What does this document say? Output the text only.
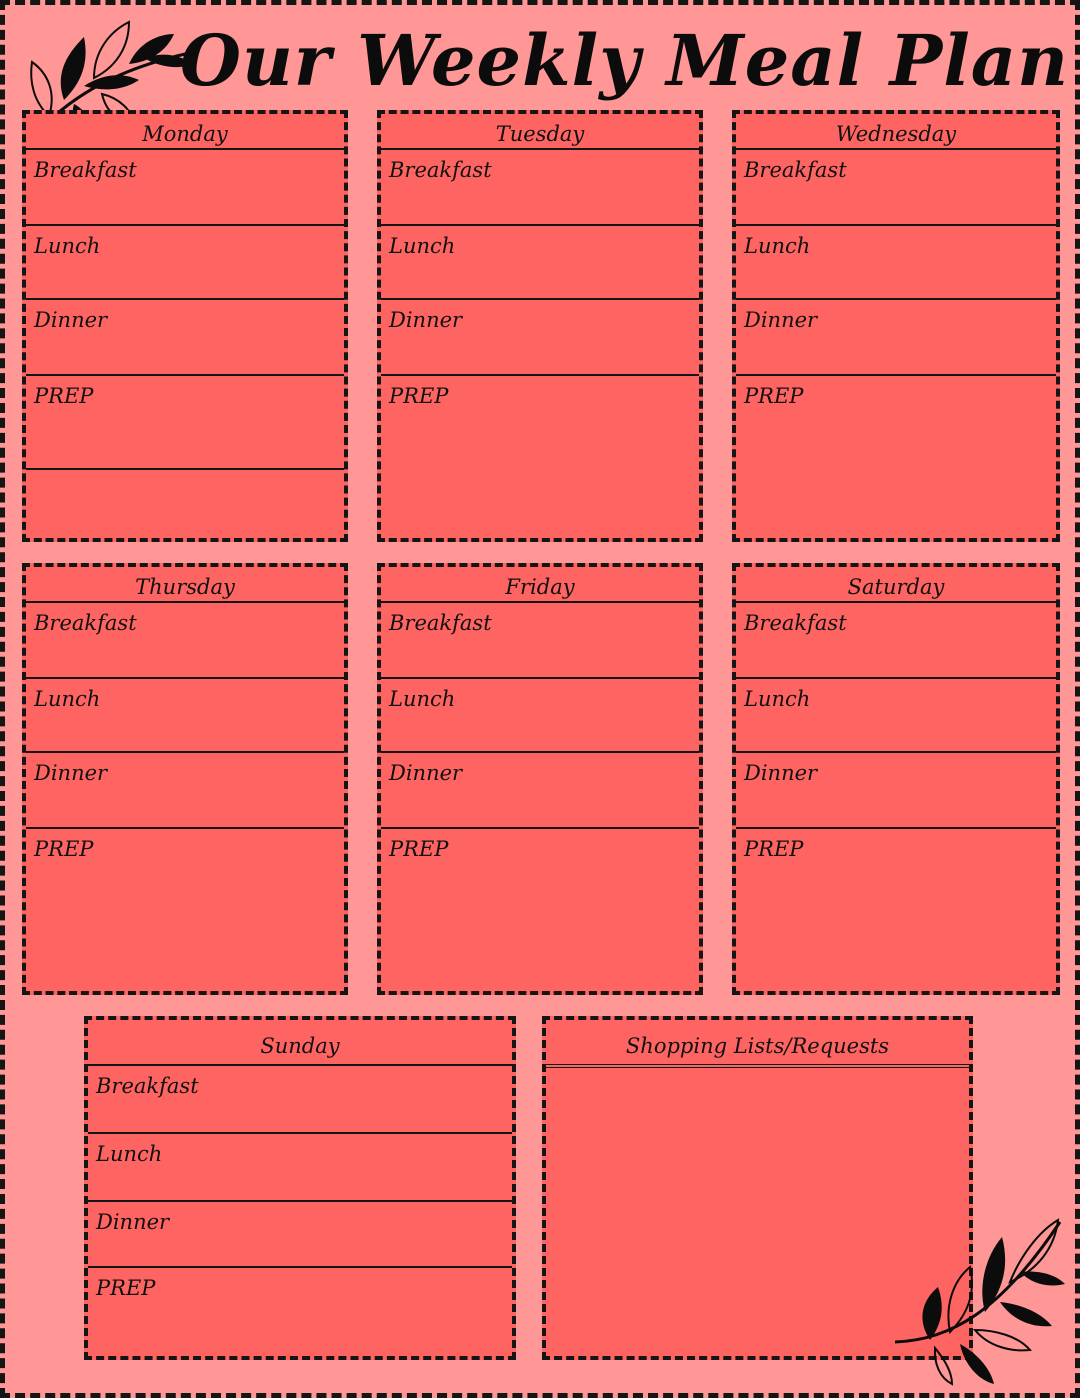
Our Weekly Meal Plan
Monday
Breakfast
Lunch
Dinner
PREP
Tuesday
Breakfast
Lunch
Dinner
PREP
Wednesday
Breakfast
Lunch
Dinner
PREP
Thursday
Breakfast
Lunch
Dinner
PREP
Friday
Breakfast
Lunch
Dinner
PREP
Saturday
Breakfast
Lunch
Dinner
PREP
Sunday
Breakfast
Lunch
Dinner
PREP
Shopping Lists/Requests
